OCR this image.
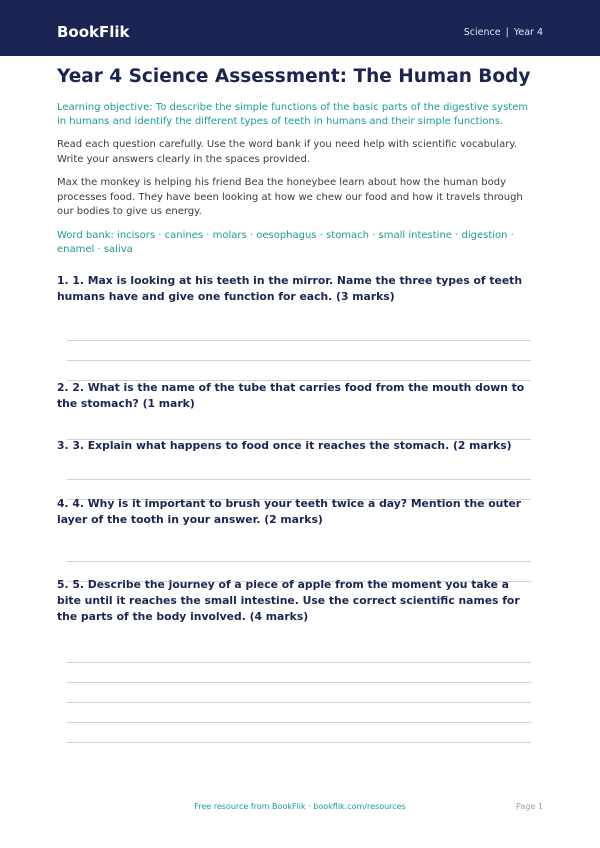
BookFlik	Science | Year 4
Year 4 Science Assessment: The Human Body
Learning objective: To describe the simple functions of the basic parts of the digestive system in humans and identify the different types of teeth in humans and their simple functions.
Read each question carefully. Use the word bank if you need help with scientific vocabulary. Write your answers clearly in the spaces provided.
Max the monkey is helping his friend Bea the honeybee learn about how the human body processes food. They have been looking at how we chew our food and how it travels through our bodies to give us energy.
Word bank: incisors · canines · molars · oesophagus · stomach · small intestine · digestion · enamel · saliva
1. 1. Max is looking at his teeth in the mirror. Name the three types of teeth humans have and give one function for each. (3 marks)
2. 2. What is the name of the tube that carries food from the mouth down to the stomach? (1 mark)
3. 3. Explain what happens to food once it reaches the stomach. (2 marks)
4. 4. Why is it important to brush your teeth twice a day? Mention the outer layer of the tooth in your answer. (2 marks)
5. 5. Describe the journey of a piece of apple from the moment you take a bite until it reaches the small intestine. Use the correct scientific names for the parts of the body involved. (4 marks)
Free resource from BookFlik · bookflik.com/resources	Page 1
